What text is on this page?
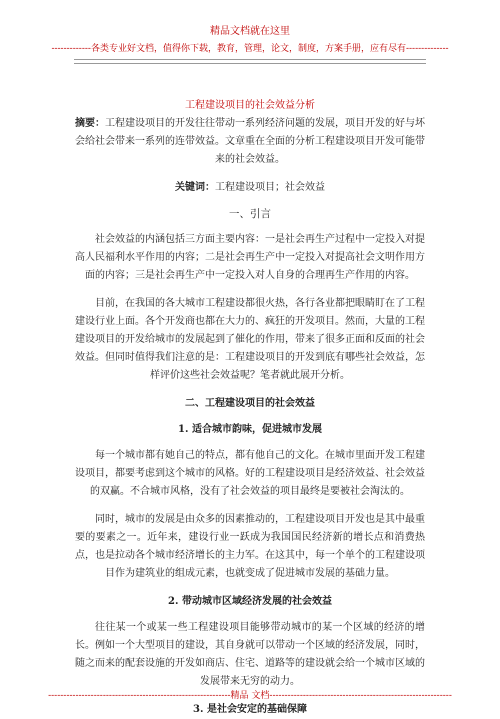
精品文档就在这里
-------------各类专业好文档，值得你下载，教育，管理，论文，制度，方案手册，应有尽有--------------
工程建设项目的社会效益分析

摘要：工程建设项目的开发往往带动一系列经济问题的发展，项目开发的好与坏会给社会带来一系列的连带效益。文章重在全面的分析工程建设项目开发可能带来的社会效益。

关键词：工程建设项目；社会效益

一、引言

社会效益的内涵包括三方面主要内容：一是社会再生产过程中一定投入对提高人民福利水平作用的内容；二是社会再生产中一定投入对提高社会文明作用方面的内容；三是社会再生产中一定投入对人自身的合理再生产作用的内容。

目前，在我国的各大城市工程建设都很火热，各行各业都把眼睛盯在了工程建设行业上面。各个开发商也都在大力的、疯狂的开发项目。然而，大量的工程建设项目的开发给城市的发展起到了催化的作用，带来了很多正面和反面的社会效益。但同时值得我们注意的是：工程建设项目的开发到底有哪些社会效益，怎样评价这些社会效益呢？笔者就此展开分析。

二、工程建设项目的社会效益
1. 适合城市韵味，促进城市发展

每一个城市都有她自己的特点，都有他自己的文化。在城市里面开发工程建设项目，都要考虑到这个城市的风格。好的工程建设项目是经济效益、社会效益的双赢。不合城市风格，没有了社会效益的项目最终是要被社会淘汰的。

同时，城市的发展是由众多的因素推动的，工程建设项目开发也是其中最重要的要素之一。近年来，建设行业一跃成为我国国民经济新的增长点和消费热点，也是拉动各个城市经济增长的主力军。在这其中，每一个单个的工程建设项目作为建筑业的组成元素，也就变成了促进城市发展的基础力量。

2. 带动城市区域经济发展的社会效益

往往某一个或某一些工程建设项目能够带动城市的某一个区域的经济的增长。例如一个大型项目的建设，其自身就可以带动一个区域的经济发展，同时，随之而来的配套设施的开发如商店、住宅、道路等的建设就会给一个城市区域的发展带来无穷的动力。

3. 是社会安定的基础保障
------------------------------------------------------------精品 文档------------------------------------------------------------
